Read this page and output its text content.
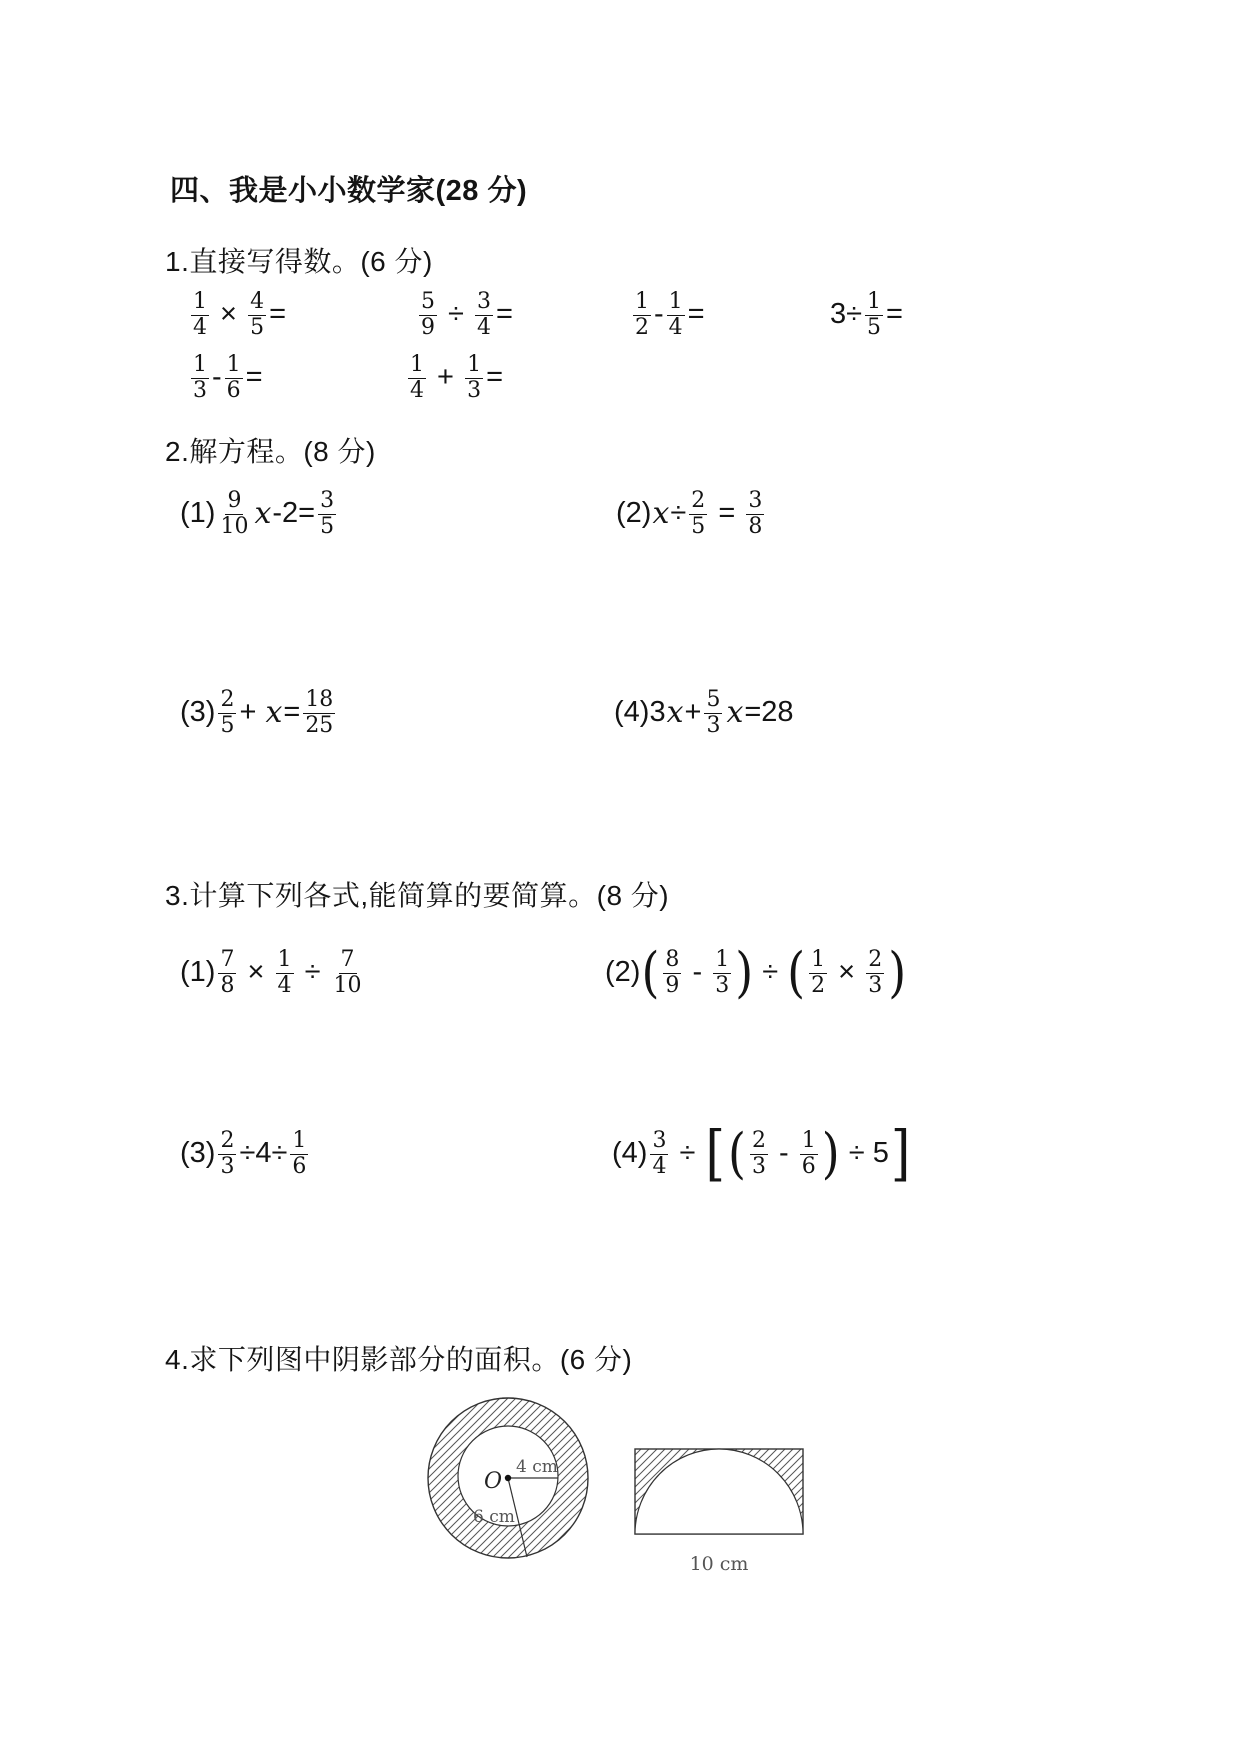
四、我是小小数学家(28 分)
1.直接写得数。(6 分)
$\frac{1}{4} \times \frac{4}{5}$ =	$\frac{5}{9} \div \frac{3}{4}$ =	$\frac{1}{2} - \frac{1}{4}$ =	$3\div \frac{1}{5}$ =
$\frac{1}{3} - \frac{1}{6}$ =	$\frac{1}{4} + \frac{1}{3}$ =
2.解方程。(8 分)
$(1) \frac{9}{10}$ x $-2= \frac{3}{5}$	(2) $x \div \frac{2}{5} = \frac{3}{8}$
$(3) \frac{2}{5} + x = \frac{18}{25}$	(4)3 $x + \frac{5}{3}$ x =28
3.计算下列各式,能简算的要简算。(8 分)
$(1) \frac{7}{8} \times \frac{1}{4} \div \frac{7}{10}$	(2) ( $\frac{8}{9} - \frac{1}{3}$ ) ÷ ( $\frac{1}{2} \times \frac{2}{3}$ )
$(3) \frac{2}{3} \div 4\div \frac{1}{6}$	$(4) \frac{3}{4}$ ÷ [ ( $\frac{2}{3} - \frac{1}{6}$ ) ÷ 5 ]
4.求下列图中阴影部分的面积。(6 分)
O
4 cm
6 cm
10 cm
